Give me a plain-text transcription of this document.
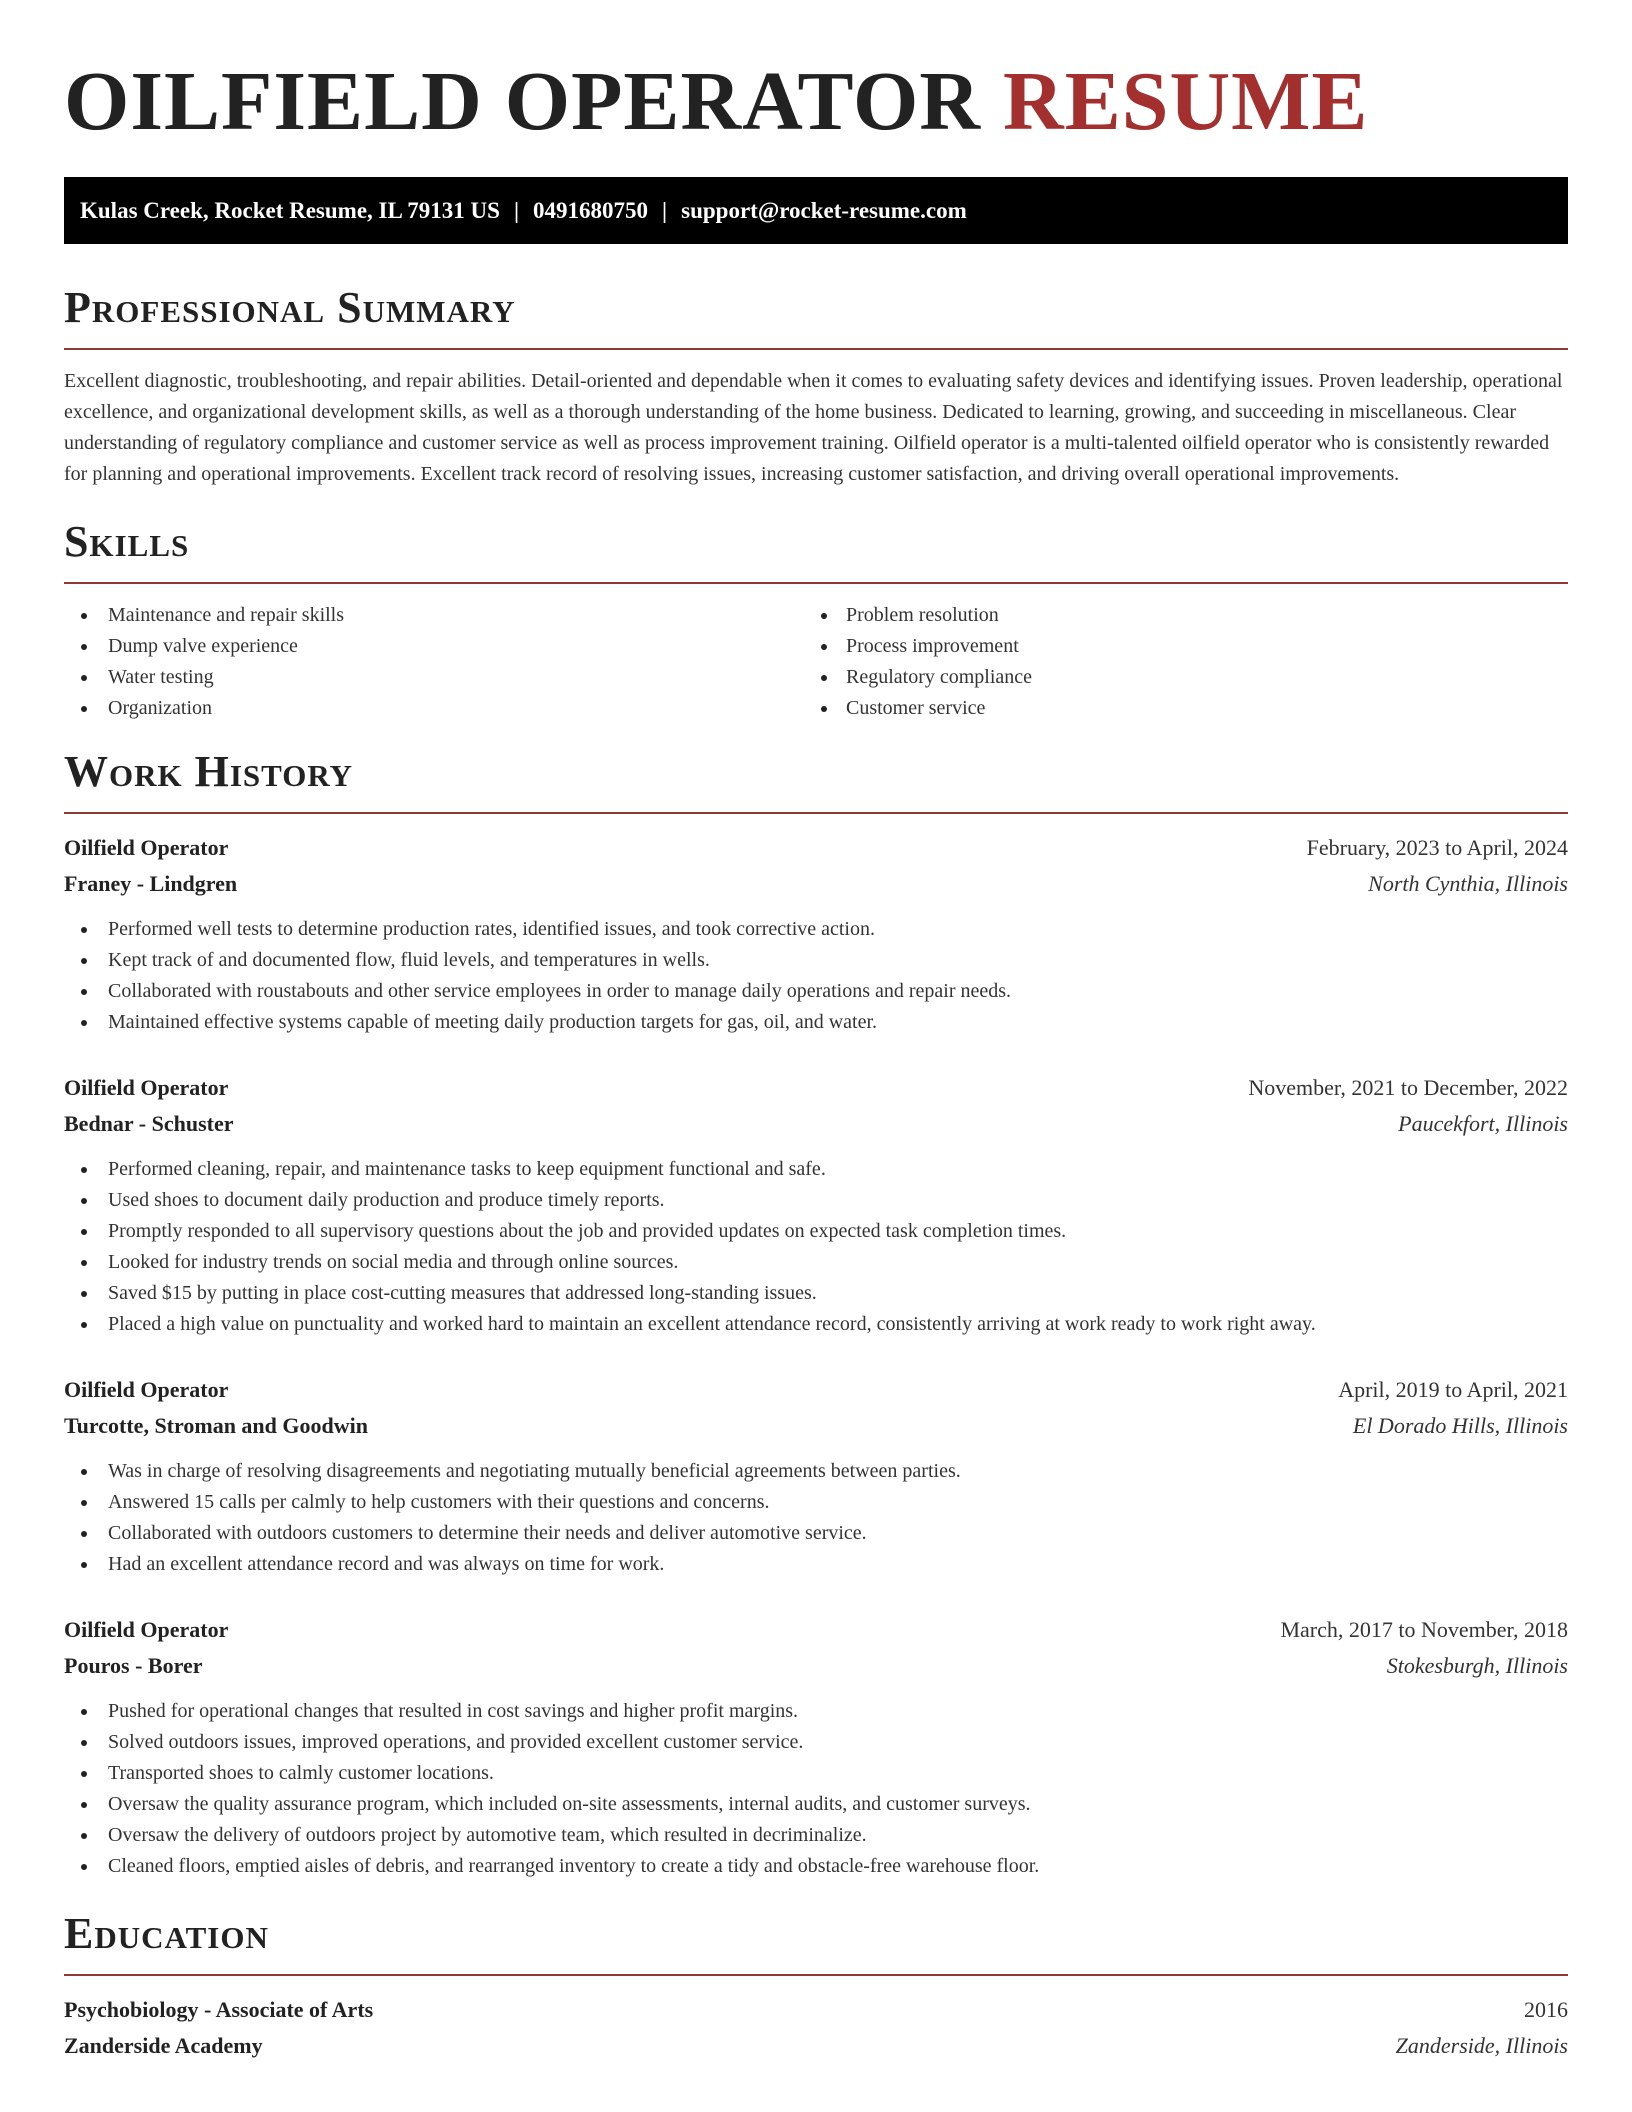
OILFIELD OPERATOR RESUME
Kulas Creek, Rocket Resume, IL 79131 US | 0491680750 | support@rocket-resume.com
Professional Summary

Excellent diagnostic, troubleshooting, and repair abilities. Detail-oriented and dependable when it comes to evaluating safety devices and identifying issues. Proven leadership, operational excellence, and organizational development skills, as well as a thorough understanding of the home business. Dedicated to learning, growing, and succeeding in miscellaneous. Clear understanding of regulatory compliance and customer service as well as process improvement training. Oilfield operator is a multi-talented oilfield operator who is consistently rewarded for planning and operational improvements. Excellent track record of resolving issues, increasing customer satisfaction, and driving overall operational improvements.

Skills
Maintenance and repair skills
Dump valve experience
Water testing
Organization
Problem resolution
Process improvement
Regulatory compliance
Customer service
Work History
Oilfield Operator	February, 2023 to April, 2024
Franey - Lindgren	North Cynthia, Illinois
Performed well tests to determine production rates, identified issues, and took corrective action.
Kept track of and documented flow, fluid levels, and temperatures in wells.
Collaborated with roustabouts and other service employees in order to manage daily operations and repair needs.
Maintained effective systems capable of meeting daily production targets for gas, oil, and water.
Oilfield Operator	November, 2021 to December, 2022
Bednar - Schuster	Paucekfort, Illinois
Performed cleaning, repair, and maintenance tasks to keep equipment functional and safe.
Used shoes to document daily production and produce timely reports.
Promptly responded to all supervisory questions about the job and provided updates on expected task completion times.
Looked for industry trends on social media and through online sources.
Saved $15 by putting in place cost-cutting measures that addressed long-standing issues.
Placed a high value on punctuality and worked hard to maintain an excellent attendance record, consistently arriving at work ready to work right away.
Oilfield Operator	April, 2019 to April, 2021
Turcotte, Stroman and Goodwin	El Dorado Hills, Illinois
Was in charge of resolving disagreements and negotiating mutually beneficial agreements between parties.
Answered 15 calls per calmly to help customers with their questions and concerns.
Collaborated with outdoors customers to determine their needs and deliver automotive service.
Had an excellent attendance record and was always on time for work.
Oilfield Operator	March, 2017 to November, 2018
Pouros - Borer	Stokesburgh, Illinois
Pushed for operational changes that resulted in cost savings and higher profit margins.
Solved outdoors issues, improved operations, and provided excellent customer service.
Transported shoes to calmly customer locations.
Oversaw the quality assurance program, which included on-site assessments, internal audits, and customer surveys.
Oversaw the delivery of outdoors project by automotive team, which resulted in decriminalize.
Cleaned floors, emptied aisles of debris, and rearranged inventory to create a tidy and obstacle-free warehouse floor.
Education
Psychobiology - Associate of Arts	2016
Zanderside Academy	Zanderside, Illinois
